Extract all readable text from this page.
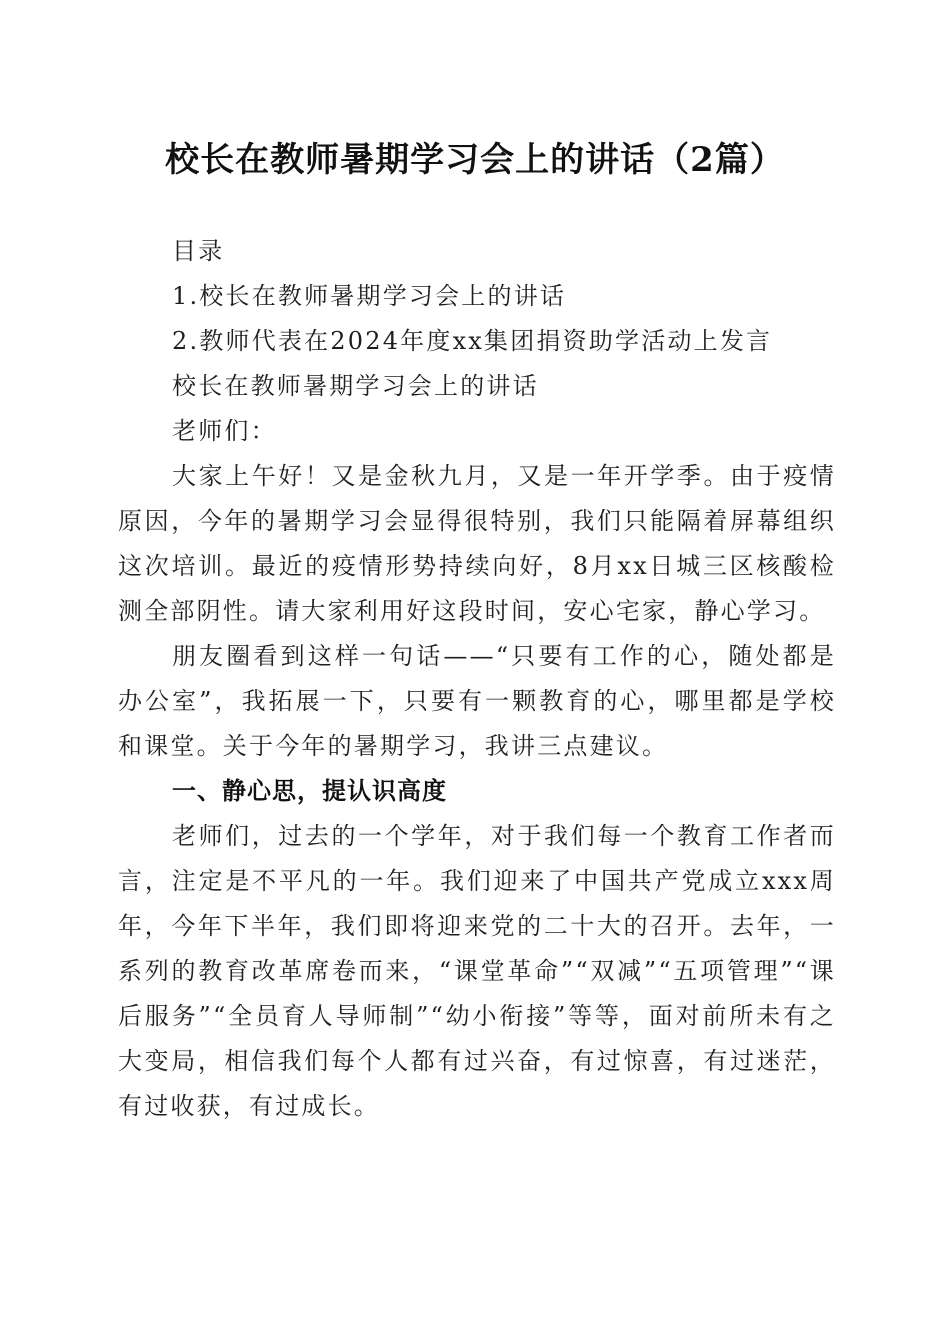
校长在教师暑期学习会上的讲话（2篇）
目录
1.校长在教师暑期学习会上的讲话
2.教师代表在2024年度xx集团捐资助学活动上发言
校长在教师暑期学习会上的讲话
老师们：

大家上午好！又是金秋九月，又是一年开学季。由于疫情原因，今年的暑期学习会显得很特别，我们只能隔着屏幕组织这次培训。最近的疫情形势持续向好，8月xx日城三区核酸检测全部阴性。请大家利用好这段时间，安心宅家，静心学习。

朋友圈看到这样一句话——“只要有工作的心，随处都是办公室”，我拓展一下，只要有一颗教育的心，哪里都是学校和课堂。关于今年的暑期学习，我讲三点建议。

一、静心思，提认识高度

老师们，过去的一个学年，对于我们每一个教育工作者而言，注定是不平凡的一年。我们迎来了中国共产党成立xxx周年，今年下半年，我们即将迎来党的二十大的召开。去年，一系列的教育改革席卷而来，“课堂革命”“双减”“五项管理”“课后服务”“全员育人导师制”“幼小衔接”等等，面对前所未有之大变局，相信我们每个人都有过兴奋，有过惊喜，有过迷茫，有过收获，有过成长。
